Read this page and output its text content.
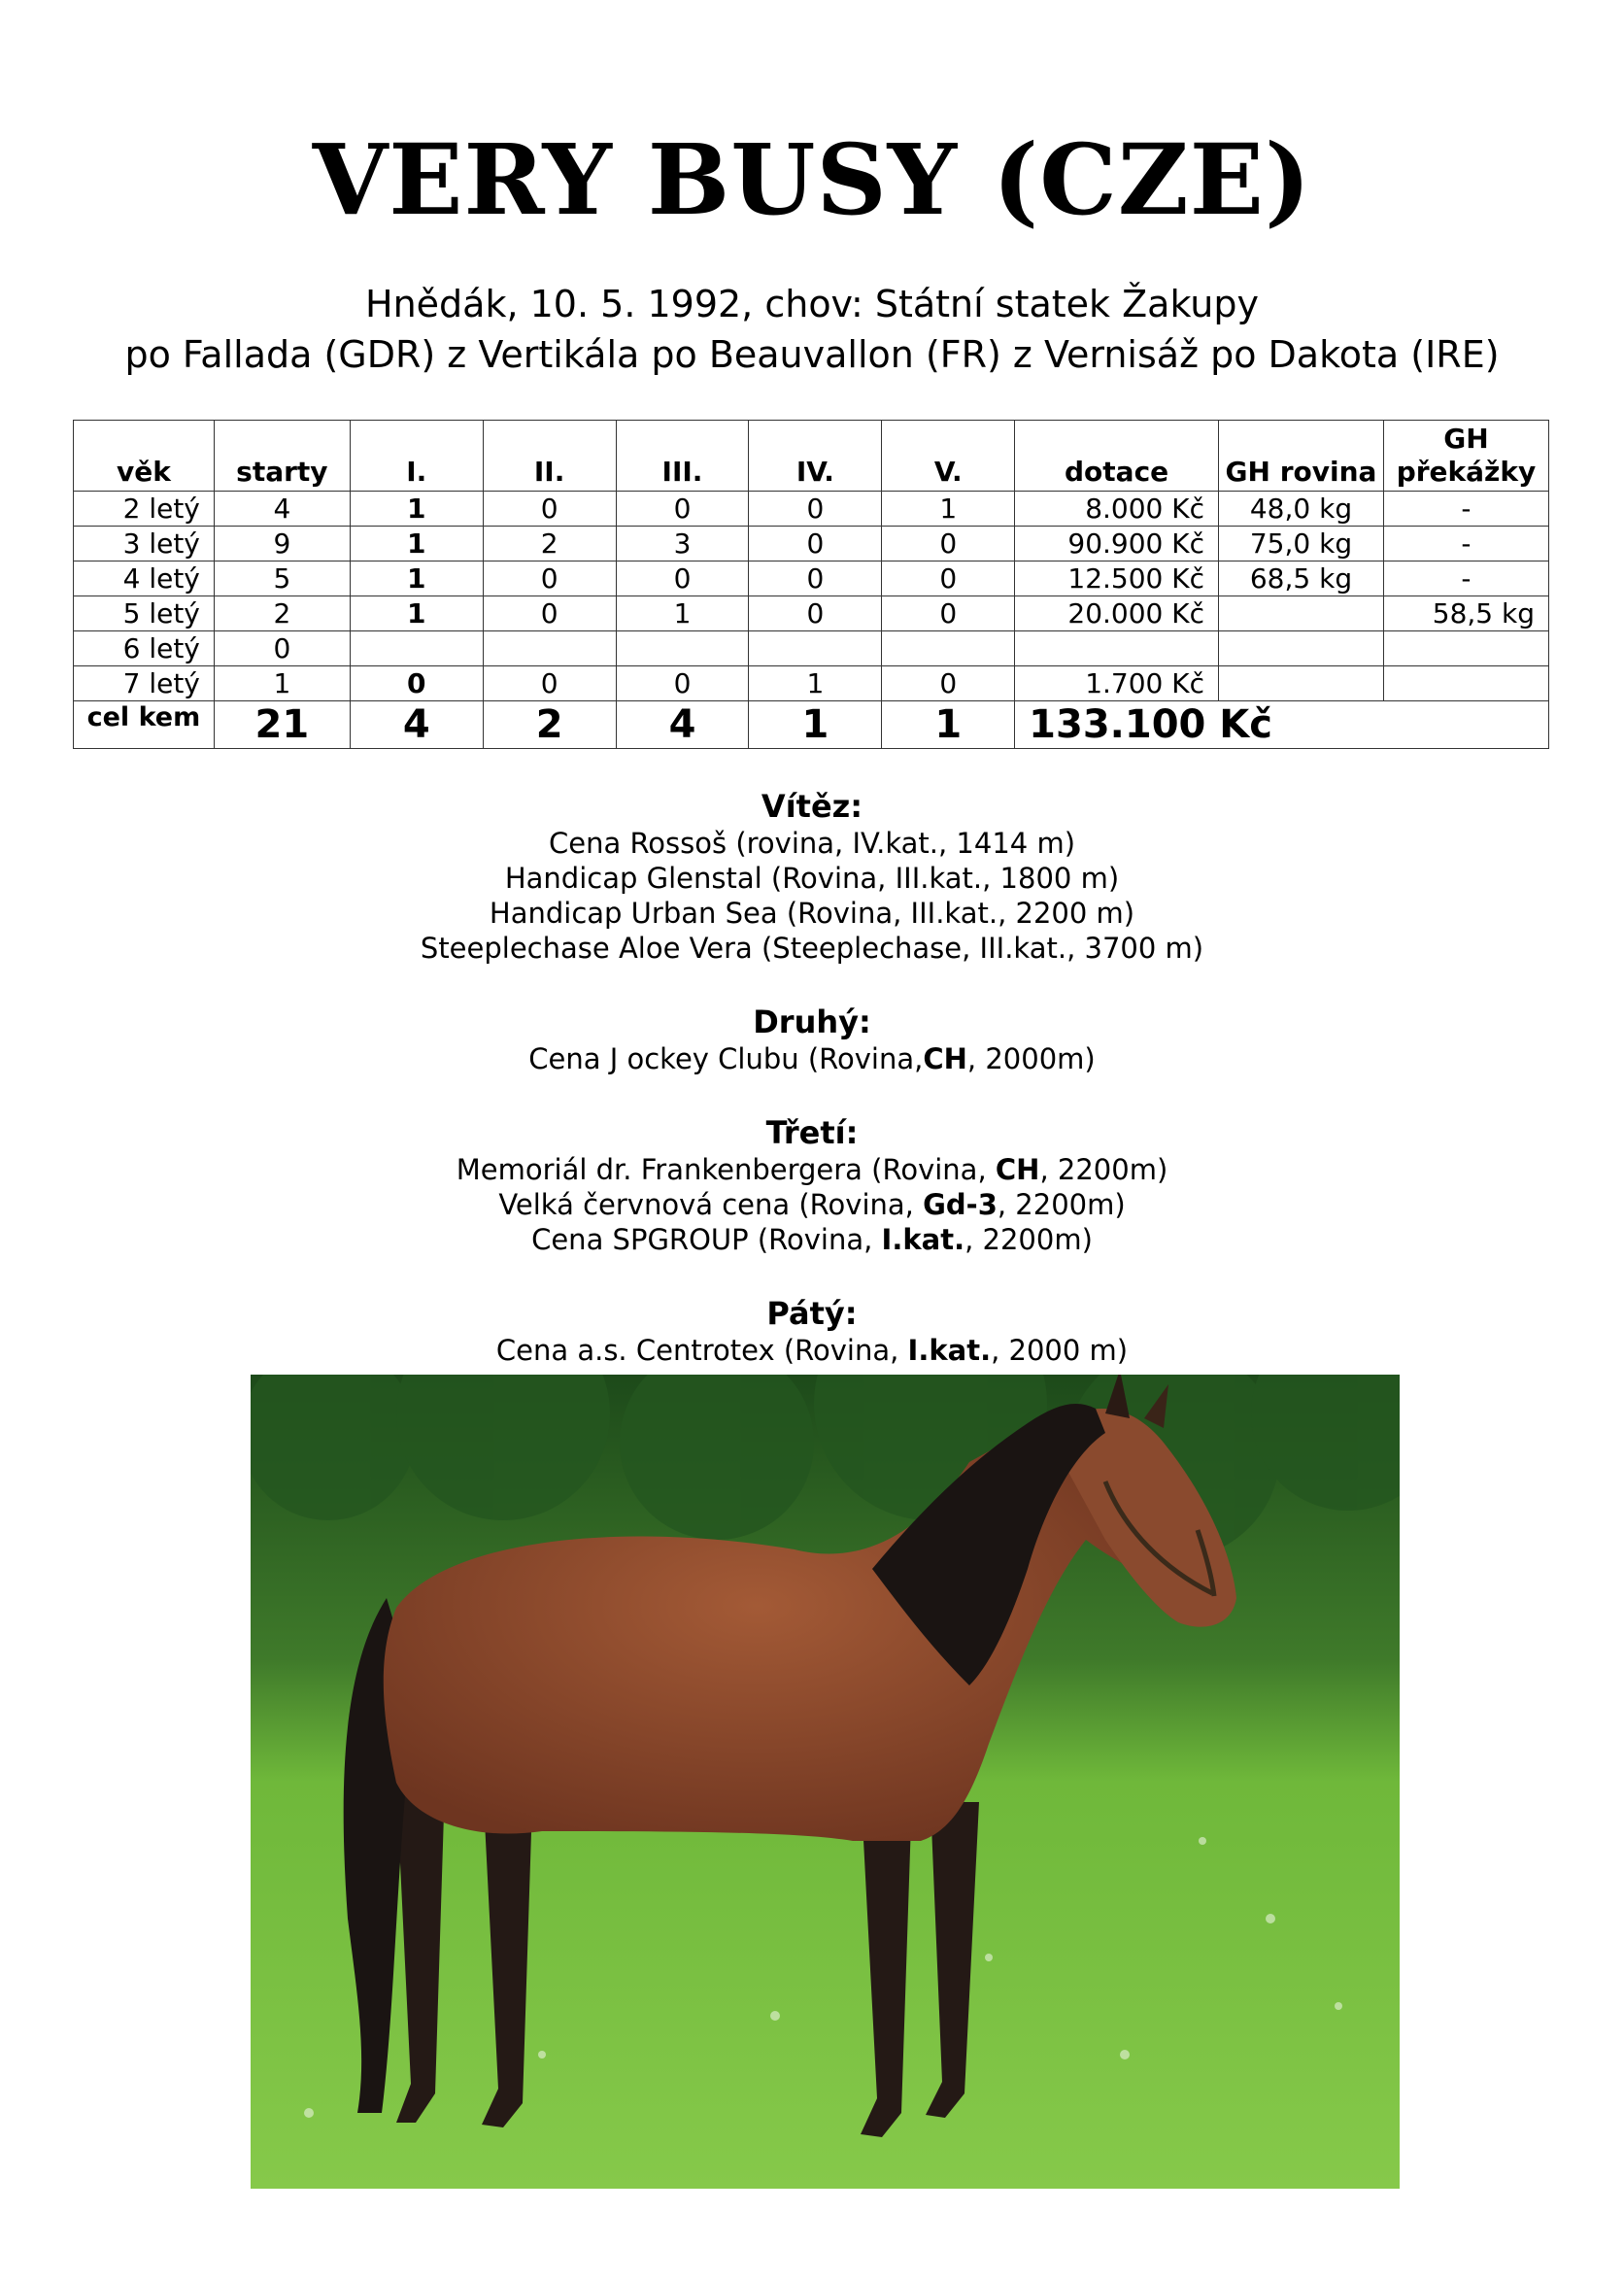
VERY BUSY (CZE)
Hnědák, 10. 5. 1992, chov: Státní statek Žakupy
po Fallada (GDR) z Vertikála po Beauvallon (FR) z Vernisáž po Dakota (IRE)
věk	starty	I.	II.	III.	IV.	V.	dotace	GH rovina	GH překážky
2 letý	4	1	0	0	0	1	8.000 Kč	48,0 kg	-
3 letý	9	1	2	3	0	0	90.900 Kč	75,0 kg	-
4 letý	5	1	0	0	0	0	12.500 Kč	68,5 kg	-
5 letý	2	1	0	1	0	0	20.000 Kč		58,5 kg
6 letý	0								
7 letý	1	0	0	0	1	0	1.700 Kč		
cel kem	21	4	2	4	1	1	133.100 Kč		
Vítěz:
Cena Rossoš (rovina, IV.kat., 1414 m)
Handicap Glenstal (Rovina, III.kat., 1800 m)
Handicap Urban Sea (Rovina, III.kat., 2200 m)
Steeplechase Aloe Vera (Steeplechase, III.kat., 3700 m)
Druhý:
Cena J ockey Clubu (Rovina,CH, 2000m)
Třetí:
Memoriál dr. Frankenbergera (Rovina, CH, 2200m)
Velká červnová cena (Rovina, Gd-3, 2200m)
Cena SPGROUP (Rovina, I.kat., 2200m)
Pátý:
Cena a.s. Centrotex (Rovina, I.kat., 2000 m)
